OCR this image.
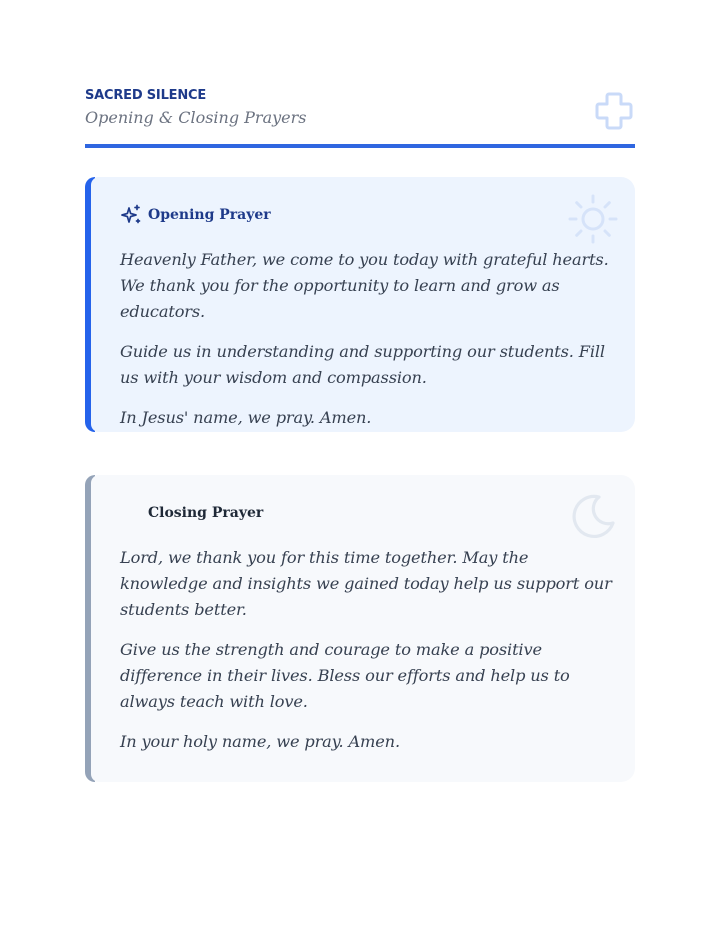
SACRED SILENCE
Opening & Closing Prayers
Opening Prayer

Heavenly Father, we come to you today with grateful hearts. We thank you for the opportunity to learn and grow as educators.

Guide us in understanding and supporting our students. Fill us with your wisdom and compassion.

In Jesus' name, we pray. Amen.

Closing Prayer

Lord, we thank you for this time together. May the knowledge and insights we gained today help us support our students better.

Give us the strength and courage to make a positive difference in their lives. Bless our efforts and help us to always teach with love.

In your holy name, we pray. Amen.
